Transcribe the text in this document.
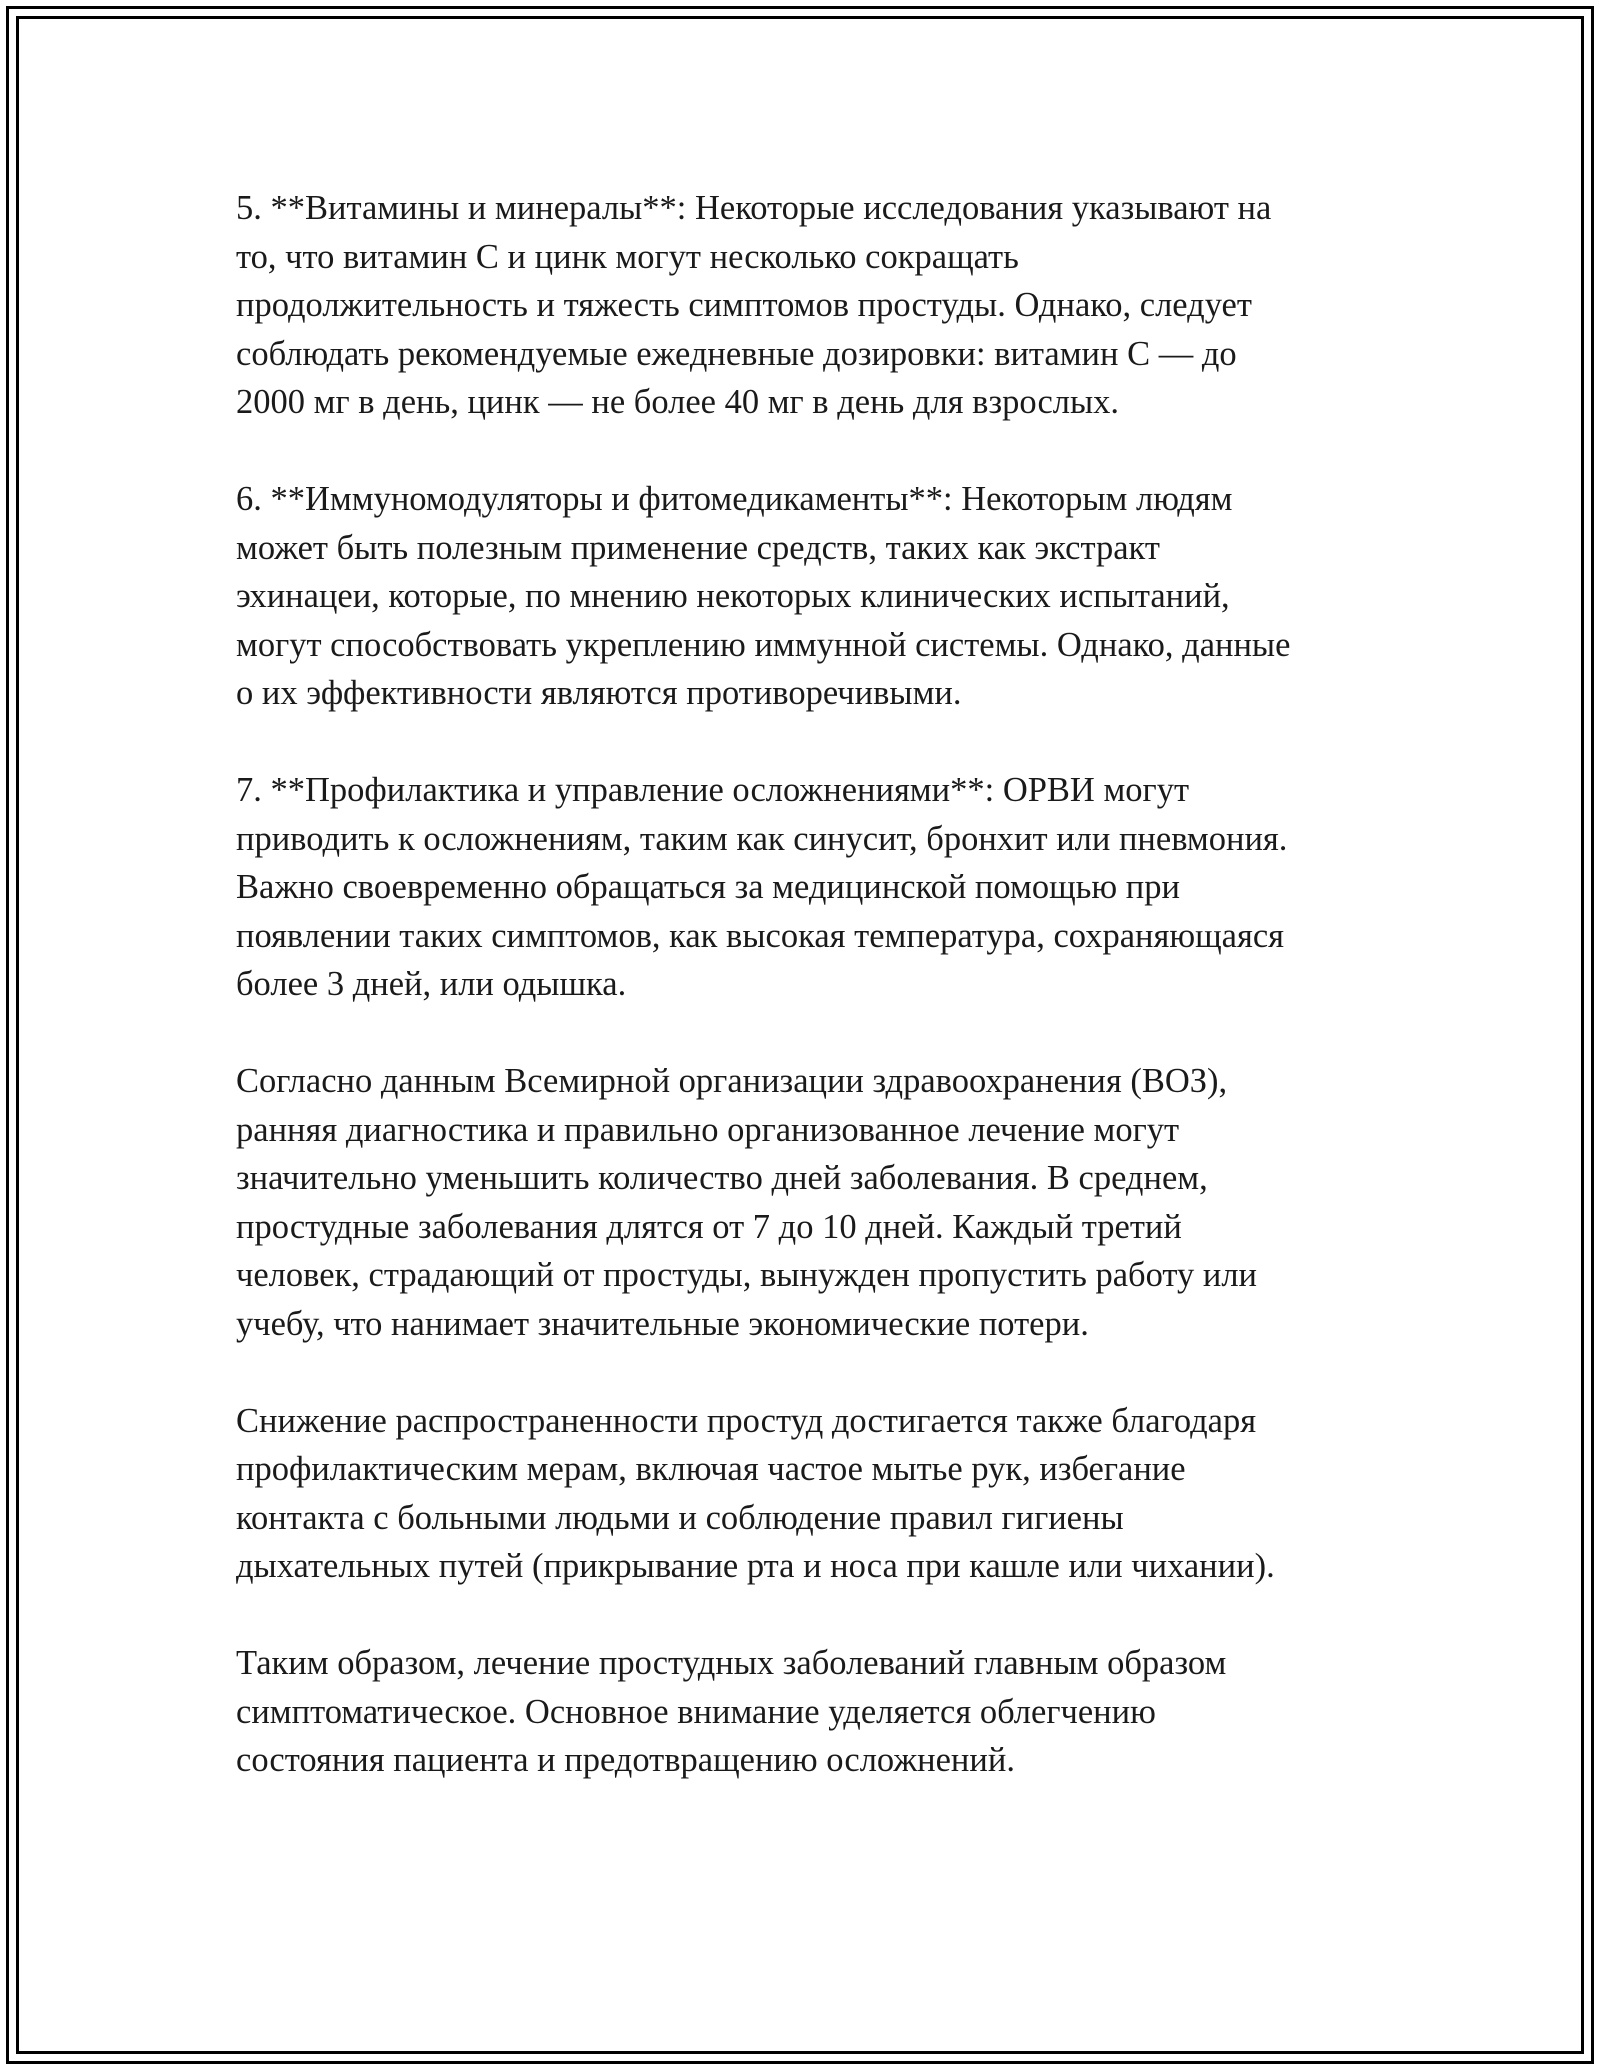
5. **Витамины и минералы**: Некоторые исследования указывают на
то, что витамин C и цинк могут несколько сокращать
продолжительность и тяжесть симптомов простуды. Однако, следует
соблюдать рекомендуемые ежедневные дозировки: витамин C — до
2000 мг в день, цинк — не более 40 мг в день для взрослых.

6. **Иммуномодуляторы и фитомедикаменты**: Некоторым людям
может быть полезным применение средств, таких как экстракт
эхинацеи, которые, по мнению некоторых клинических испытаний,
могут способствовать укреплению иммунной системы. Однако, данные
о их эффективности являются противоречивыми.

7. **Профилактика и управление осложнениями**: ОРВИ могут
приводить к осложнениям, таким как синусит, бронхит или пневмония.
Важно своевременно обращаться за медицинской помощью при
появлении таких симптомов, как высокая температура, сохраняющаяся
более 3 дней, или одышка.

Согласно данным Всемирной организации здравоохранения (ВОЗ),
ранняя диагностика и правильно организованное лечение могут
значительно уменьшить количество дней заболевания. В среднем,
простудные заболевания длятся от 7 до 10 дней. Каждый третий
человек, страдающий от простуды, вынужден пропустить работу или
учебу, что нанимает значительные экономические потери.

Снижение распространенности простуд достигается также благодаря
профилактическим мерам, включая частое мытье рук, избегание
контакта с больными людьми и соблюдение правил гигиены
дыхательных путей (прикрывание рта и носа при кашле или чихании).

Таким образом, лечение простудных заболеваний главным образом
симптоматическое. Основное внимание уделяется облегчению
состояния пациента и предотвращению осложнений.
